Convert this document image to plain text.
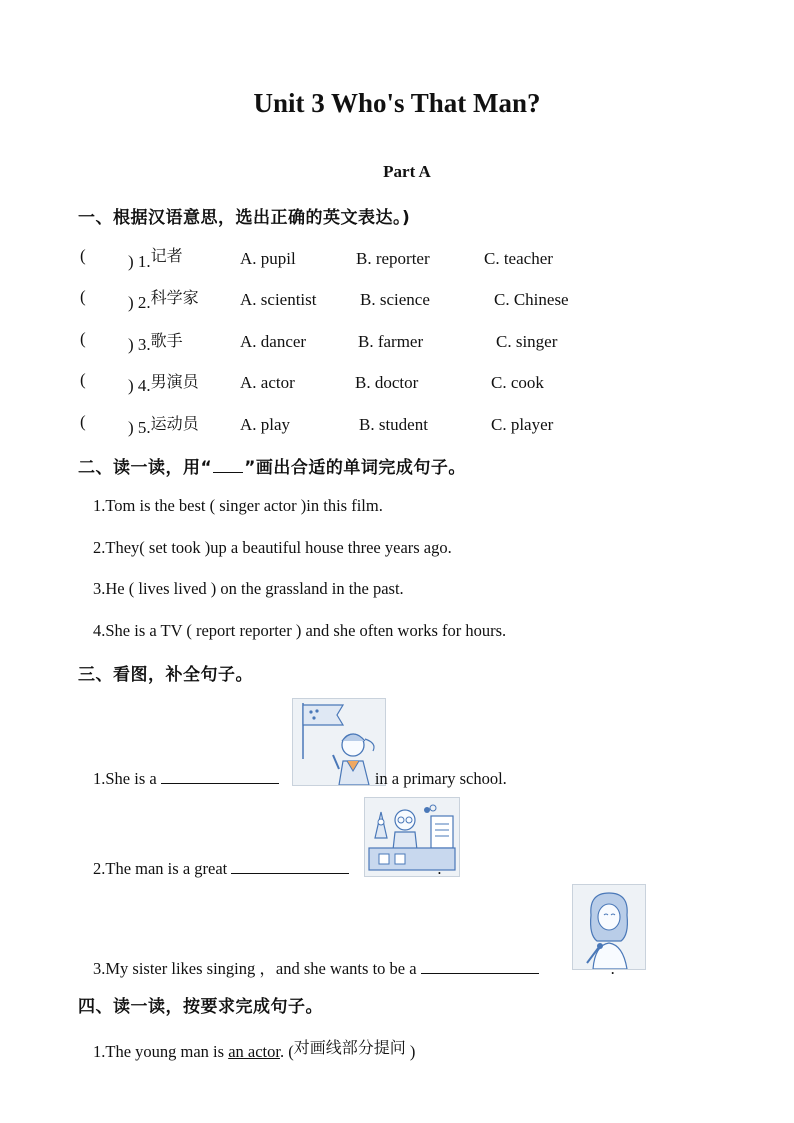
Unit 3 Who's That Man?
Part A
一、根据汉语意思，选出正确的英文表达。)
( ) 1.记者	A. pupil	B. reporter	C. teacher
( ) 2.科学家 A. scientist	B. science	C. Chinese
( ) 3.歌手	A. dancer	B. farmer	C. singer
( ) 4.男演员 A. actor	B. doctor	C. cook
( ) 5.运动员 A. play	B. student	C. player
二、读一读，用“ ”画出合适的单词完成句子。
1.Tom is the best ( singer actor )in this film.
2.They( set took )up a beautiful house three years ago.
3.He ( lives lived ) on the grassland in the past.
4.She is a TV ( report reporter ) and she often works for hours.
三、看图，补全句子。
1.She is a	in a primary school.
2.The man is a great	.
3.My sister likes singing ，and she wants to be a	.
四、读一读，按要求完成句子。
1.The young man is an actor. (对画线部分提问 )
